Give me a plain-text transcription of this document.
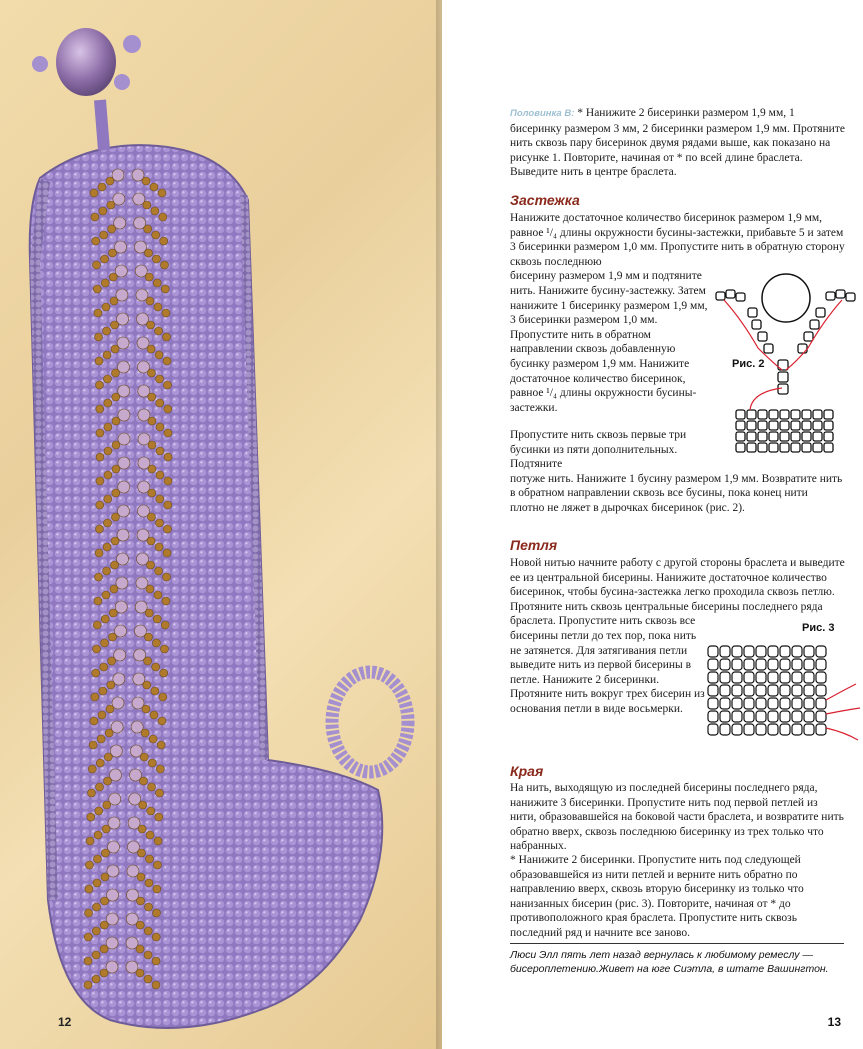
12

Половинка В: * Нанижите 2 бисеринки размером 1,9 мм, 1 бисеринку размером 3 мм, 2 бисеринки размером 1,9 мм. Протяните нить сквозь пару бисеринок двумя рядами выше, как показано на рисунке 1. Повторите, начиная от * по всей длине браслета. Выведите нить в центре браслета.

Застежка

Нанижите достаточное количество бисеринок размером 1,9 мм, равное ¹/₄ длины окружности бусины-застежки, прибавьте 5 и затем 3 бисеринки размером 1,0 мм. Пропустите нить в обратную сторону сквозь последнюю

бисерину размером 1,9 мм и подтяните нить. Нанижите бусину-застежку. Затем нанижите 1 бисеринку размером 1,9 мм, 3 бисеринки размером 1,0 мм. Пропустите нить в обратном направлении сквозь добавленную бусинку размером 1,9 мм. Нанижите достаточное количество бисеринок, равное ¹/₄ длины окружности бусины-застежки.

Пропустите нить сквозь первые три бусинки из пяти дополнительных. Подтяните

потуже нить. Нанижите 1 бусину размером 1,9 мм. Возвратите нить в обратном направлении сквозь все бусины, пока конец нити плотно не ляжет в дырочках бисеринок (рис. 2).

Рис. 2
Петля

Новой нитью начните работу с другой стороны браслета и выведите ее из центральной бисерины. Нанижите достаточное количество бисеринок, чтобы бусина-застежка легко проходила сквозь петлю. Протяните нить сквозь центральные бисерины последнего ряда

браслета. Пропустите нить сквозь все бисерины петли до тех пор, пока нить не затянется. Для затягивания петли выведите нить из первой бисерины в петле. Нанижите 2 бисеринки. Протяните нить вокруг трех бисерин из основания петли в виде восьмерки.

Рис. 3
Края

На нить, выходящую из последней бисерины последнего ряда, нанижите 3 бисеринки. Пропустите нить под первой петлей из нити, образовавшейся на боковой части браслета, и возвратите нить обратно вверх, сквозь последнюю бисеринку из трех только что набранных.

* Нанижите 2 бисеринки. Пропустите нить под следующей образовавшейся из нити петлей и верните нить обратно по направлению вверх, сквозь вторую бисеринку из только что нанизанных бисерин (рис. 3). Повторите, начиная от * до противоположного края браслета. Пропустите нить сквозь последний ряд и начните все заново.

Люси Элл пять лет назад вернулась к любимому ремеслу — бисероплетению.Живет на юге Сиэтла, в штате Вашингтон.

13
